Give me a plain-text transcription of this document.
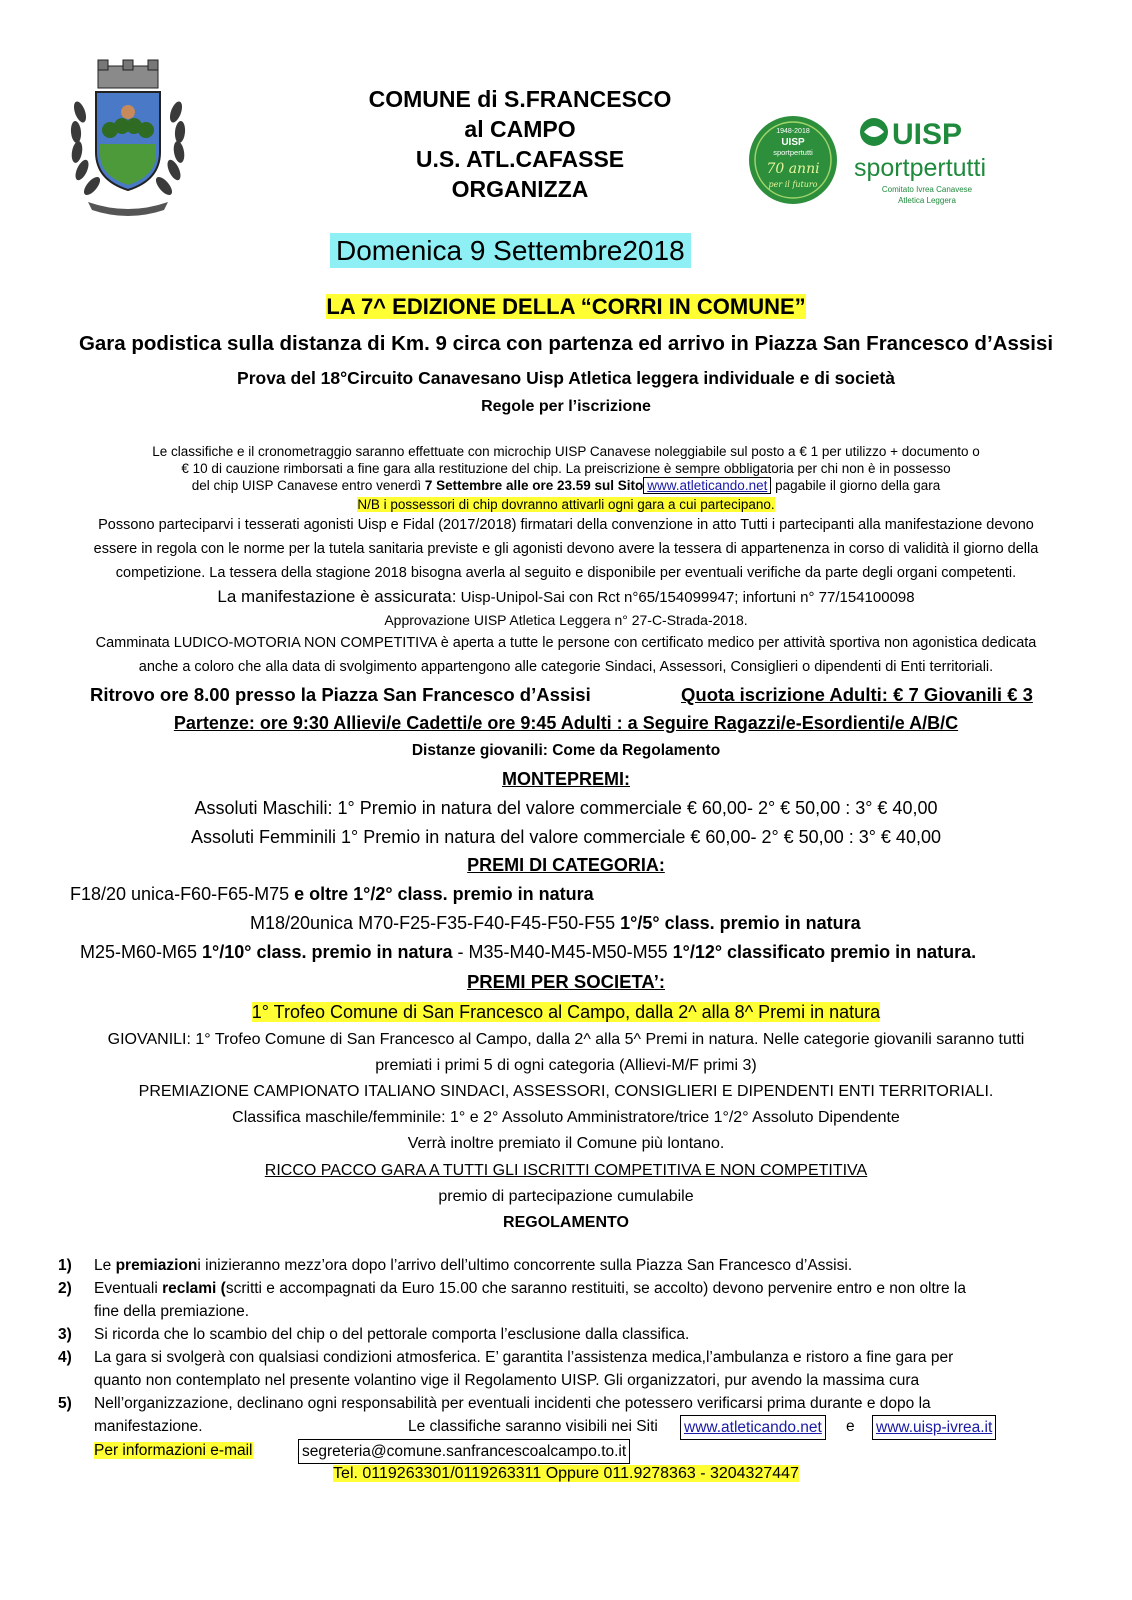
COMUNE di S.FRANCESCO
al CAMPO
U.S. ATL.CAFASSE
ORGANIZZA
1948-2018
UISP
sportpertutti
70 anni
per il futuro
UISP
sportpertutti
Comitato Ivrea Canavese
Atletica Leggera
Domenica 9 Settembre2018
LA 7^ EDIZIONE DELLA “CORRI IN COMUNE”
Gara podistica sulla distanza di Km. 9 circa con partenza ed arrivo in Piazza San Francesco d’Assisi
Prova del 18°Circuito Canavesano Uisp Atletica leggera individuale e di società
Regole per l’iscrizione
Le classifiche e il cronometraggio saranno effettuate con microchip UISP Canavese noleggiabile sul posto a € 1 per utilizzo + documento o
€ 10 di cauzione rimborsati a fine gara alla restituzione del chip. La preiscrizione è sempre obbligatoria per chi non è in possesso
del chip UISP Canavese entro venerdì 7 Settembre alle ore 23.59 sul Sito www.atleticando.net pagabile il giorno della gara
N/B i possessori di chip dovranno attivarli ogni gara a cui partecipano.
Possono parteciparvi i tesserati agonisti Uisp e Fidal (2017/2018) firmatari della convenzione in atto Tutti i partecipanti alla manifestazione devono
essere in regola con le norme per la tutela sanitaria previste e gli agonisti devono avere la tessera di appartenenza in corso di validità il giorno della
competizione. La tessera della stagione 2018 bisogna averla al seguito e disponibile per eventuali verifiche da parte degli organi competenti.
La manifestazione è assicurata: Uisp-Unipol-Sai con Rct n°65/154099947; infortuni n° 77/154100098
Approvazione UISP Atletica Leggera n° 27-C-Strada-2018.
Camminata LUDICO-MOTORIA NON COMPETITIVA è aperta a tutte le persone con certificato medico per attività sportiva non agonistica dedicata
anche a coloro che alla data di svolgimento appartengono alle categorie Sindaci, Assessori, Consiglieri o dipendenti di Enti territoriali.
Ritrovo ore 8.00 presso la Piazza San Francesco d’Assisi	Quota iscrizione Adulti: € 7 Giovanili € 3
Partenze: ore 9:30 Allievi/e Cadetti/e ore 9:45 Adulti : a Seguire Ragazzi/e-Esordienti/e A/B/C
Distanze giovanili: Come da Regolamento
MONTEPREMI:
Assoluti Maschili: 1° Premio in natura del valore commerciale € 60,00- 2° € 50,00 : 3° € 40,00
Assoluti Femminili 1° Premio in natura del valore commerciale € 60,00- 2° € 50,00 : 3° € 40,00
PREMI DI CATEGORIA:
F18/20 unica-F60-F65-M75 e oltre 1°/2° class. premio in natura
M18/20unica M70-F25-F35-F40-F45-F50-F55 1°/5° class. premio in natura
M25-M60-M65 1°/10° class. premio in natura - M35-M40-M45-M50-M55 1°/12° classificato premio in natura.
PREMI PER SOCIETA’:
1° Trofeo Comune di San Francesco al Campo, dalla 2^ alla 8^ Premi in natura
GIOVANILI: 1° Trofeo Comune di San Francesco al Campo, dalla 2^ alla 5^ Premi in natura. Nelle categorie giovanili saranno tutti
premiati i primi 5 di ogni categoria (Allievi-M/F primi 3)
PREMIAZIONE CAMPIONATO ITALIANO SINDACI, ASSESSORI, CONSIGLIERI E DIPENDENTI ENTI TERRITORIALI.
Classifica maschile/femminile: 1° e 2° Assoluto Amministratore/trice 1°/2° Assoluto Dipendente
Verrà inoltre premiato il Comune più lontano.
RICCO PACCO GARA A TUTTI GLI ISCRITTI COMPETITIVA E NON COMPETITIVA
premio di partecipazione cumulabile
REGOLAMENTO
1) Le premiazioni inizieranno mezz’ora dopo l’arrivo dell’ultimo concorrente sulla Piazza San Francesco d’Assisi.
2) Eventuali reclami (scritti e accompagnati da Euro 15.00 che saranno restituiti, se accolto) devono pervenire entro e non oltre la
fine della premiazione.
3) Si ricorda che lo scambio del chip o del pettorale comporta l’esclusione dalla classifica.
4) La gara si svolgerà con qualsiasi condizioni atmosferica. E’ garantita l’assistenza medica,l’ambulanza e ristoro a fine gara per
quanto non contemplato nel presente volantino vige il Regolamento UISP. Gli organizzatori, pur avendo la massima cura
5) Nell’organizzazione, declinano ogni responsabilità per eventuali incidenti che potessero verificarsi prima durante e dopo la
manifestazione.	Le classifiche saranno visibili nei Siti www.atleticando.net e www.uisp-ivrea.it
Per informazioni e-mail	segreteria@comune.sanfrancescoalcampo.to.it
Tel. 0119263301/0119263311 Oppure 011.9278363 - 3204327447
